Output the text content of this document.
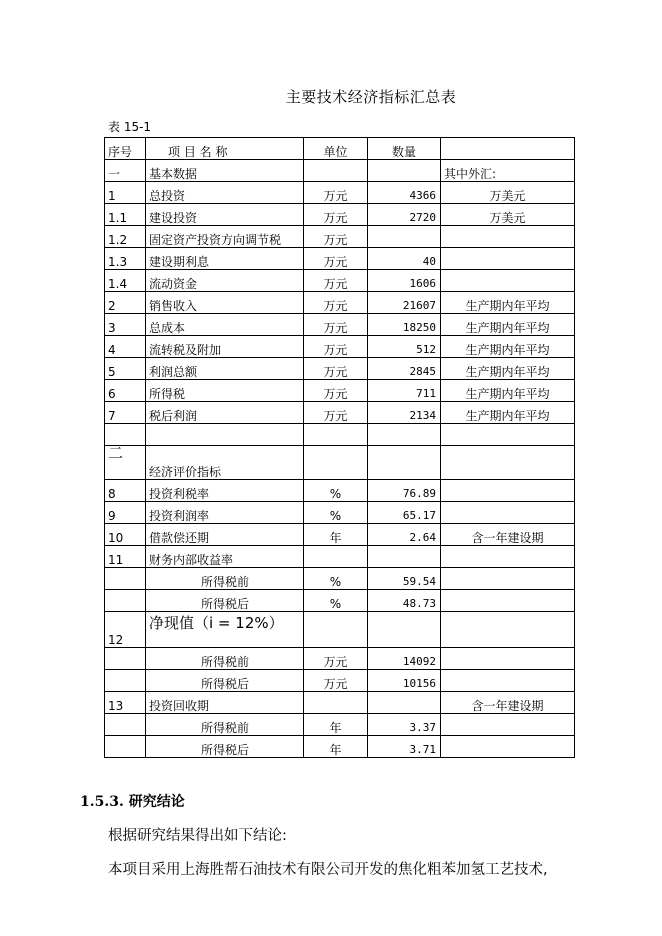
主要技术经济指标汇总表
表 15-1
序号	项 目 名 称	单位	数量	
一	基本数据			其中外汇:
1	总投资	万元	4366	万美元
1.1	建设投资	万元	2720	万美元
1.2	固定资产投资方向调节税	万元		
1.3	建设期利息	万元	40	
1.4	流动资金	万元	1606	
2	销售收入	万元	21607	生产期内年平均
3	总成本	万元	18250	生产期内年平均
4	流转税及附加	万元	512	生产期内年平均
5	利润总额	万元	2845	生产期内年平均
6	所得税	万元	711	生产期内年平均
7	税后利润	万元	2134	生产期内年平均

二	经济评价指标			
8	投资利税率	%	76.89	
9	投资利润率	%	65.17	
10	借款偿还期	年	2.64	含一年建设期
11	财务内部收益率			
	所得税前	%	59.54	
	所得税后	%	48.73	
12	净现值（i = 12%）			
	所得税前	万元	14092	
	所得税后	万元	10156	
13	投资回收期			含一年建设期
	所得税前	年	3.37	
	所得税后	年	3.71	
1.5.3. 研究结论
根据研究结果得出如下结论:
本项目采用上海胜帮石油技术有限公司开发的焦化粗苯加氢工艺技术,
